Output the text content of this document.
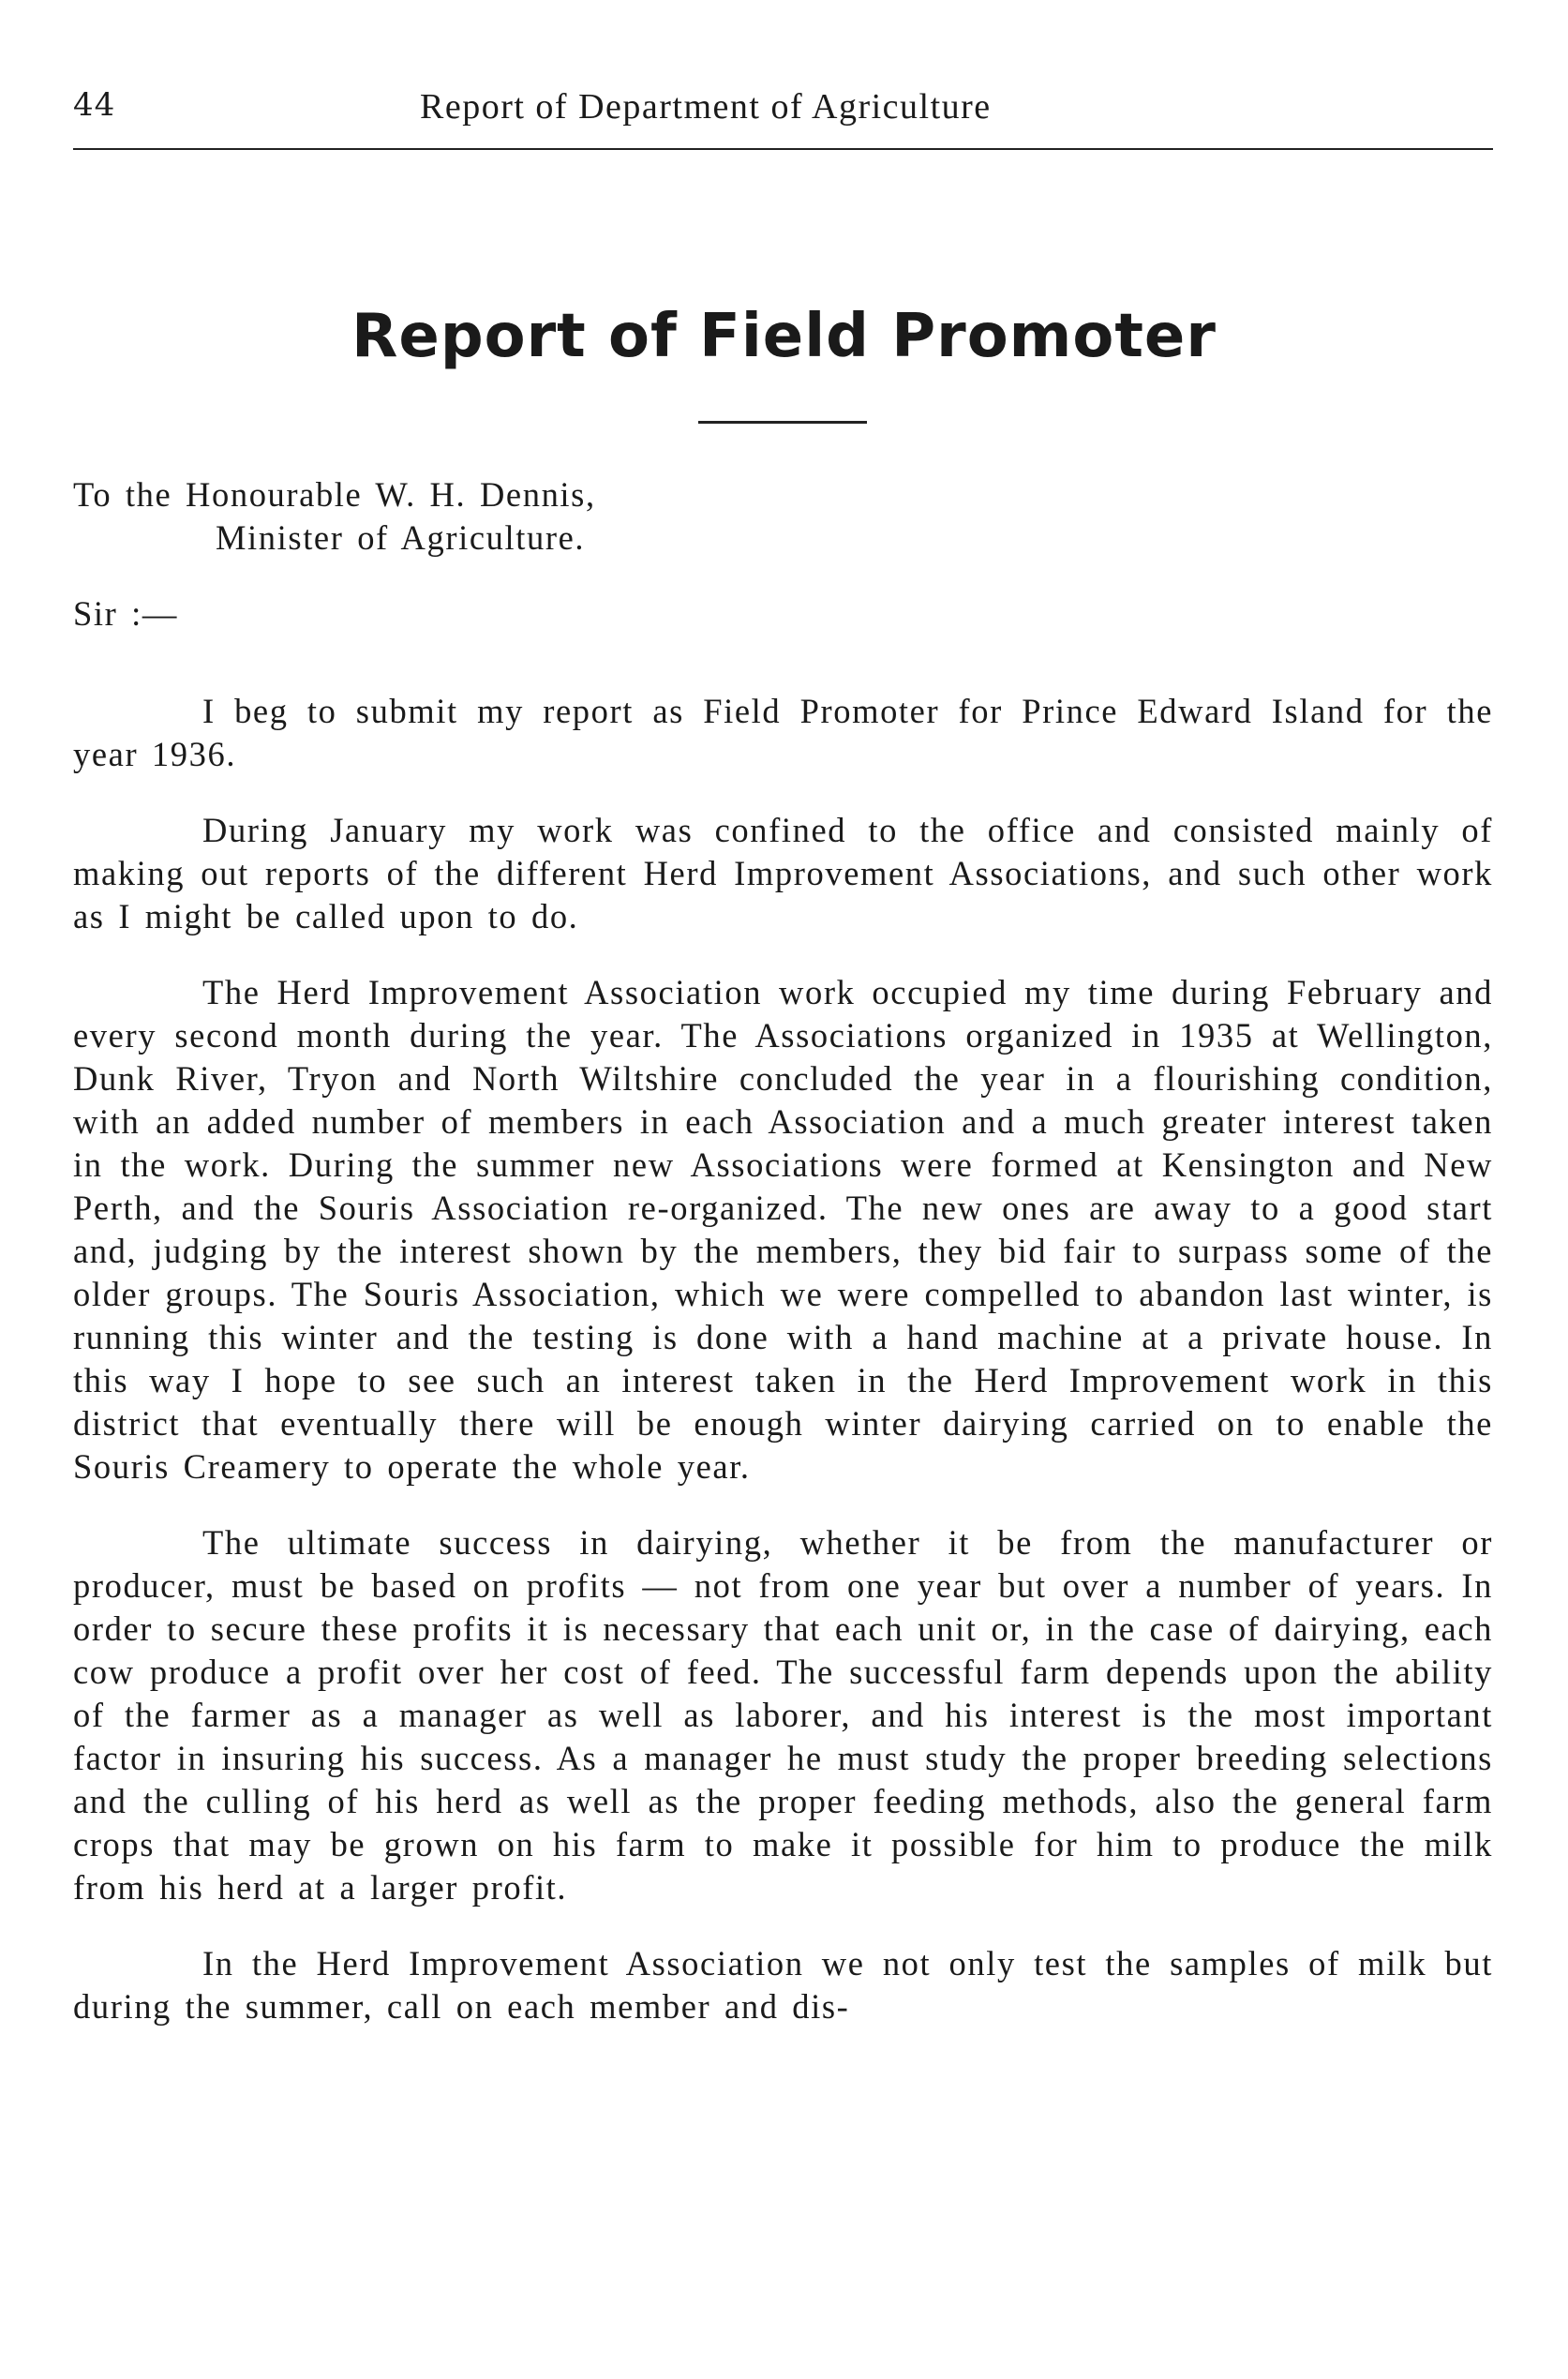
44	Report of Department of Agriculture
Report of Field Promoter

To the Honourable W. H. Dennis,

Minister of Agriculture.

Sir :—

I beg to submit my report as Field Promoter for Prince Edward Island for the year 1936.

During January my work was confined to the office and consisted mainly of making out reports of the different Herd Improvement Associations, and such other work as I might be called upon to do.

The Herd Improvement Association work occupied my time during February and every second month during the year. The Associations organized in 1935 at Wellington, Dunk River, Tryon and North Wiltshire concluded the year in a flourishing condition, with an added number of members in each Association and a much greater interest taken in the work. During the summer new Associations were formed at Kensington and New Perth, and the Souris Association re-organized. The new ones are away to a good start and, judging by the interest shown by the members, they bid fair to surpass some of the older groups. The Souris Association, which we were compelled to abandon last winter, is running this winter and the testing is done with a hand machine at a private house. In this way I hope to see such an interest taken in the Herd Improvement work in this district that eventually there will be enough winter dairying carried on to enable the Souris Creamery to operate the whole year.

The ultimate success in dairying, whether it be from the manufacturer or producer, must be based on profits — not from one year but over a number of years. In order to secure these profits it is necessary that each unit or, in the case of dairying, each cow produce a profit over her cost of feed. The successful farm depends upon the ability of the farmer as a manager as well as laborer, and his interest is the most important factor in insuring his success. As a manager he must study the proper breeding selections and the culling of his herd as well as the proper feeding methods, also the general farm crops that may be grown on his farm to make it possible for him to produce the milk from his herd at a larger profit.

In the Herd Improvement Association we not only test the samples of milk but during the summer, call on each member and dis-
